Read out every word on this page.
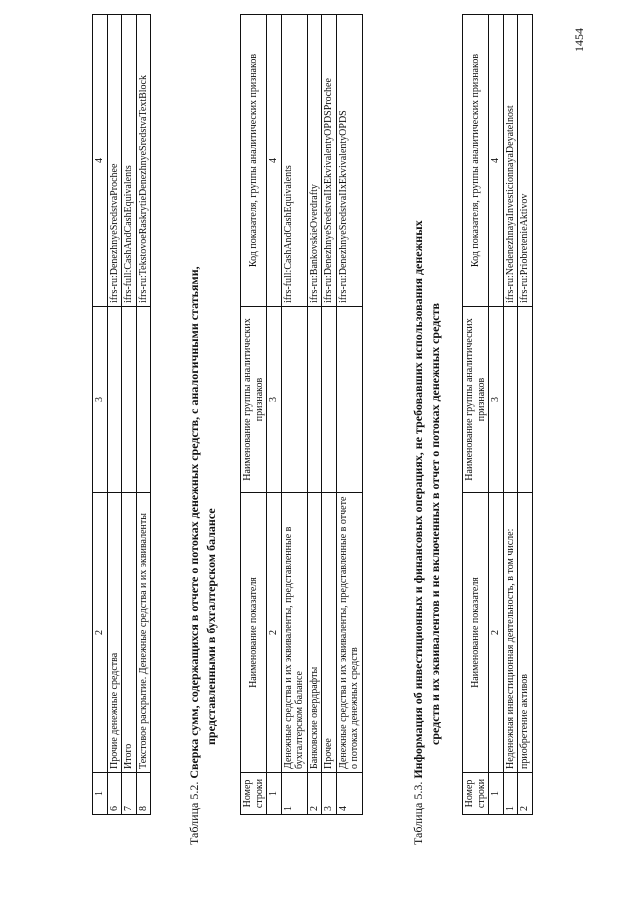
1	2	3	4
6	Прочие денежные средства		ifrs-ru:DenezhnyeSredstvaProchee
7	Итого		ifrs-full:CashAndCashEquivalents
8	Текстовое раскрытие. Денежные средства и их эквиваленты		ifrs-ru:TekstovoeRaskrytieDenezhnyeSredstvaTextBlock
Таблица 5.2. Сверка сумм, содержащихся в отчете о потоках денежных средств, с аналогичными статьями, представленными в бухгалтерском балансе
Номер строки	Наименование показателя	Наименование группы аналитических признаков	Код показателя, группы аналитических признаков
1	2	3	4
1	Денежные средства и их эквиваленты, представленные в бухгалтерском балансе		ifrs-full:CashAndCashEquivalents
2	Банковские овердрафты		ifrs-ru:BankovskieOverdrafty
3	Прочее		ifrs-ru:DenezhnyeSredstvaIIxEkvivalentyOPDSProchee
4	Денежные средства и их эквиваленты, представленные в отчете о потоках денежных средств		ifrs-ru:DenezhnyeSredstvaIIxEkvivalentyOPDS
Таблица 5.3. Информация об инвестиционных и финансовых операциях, не требовавших использования денежных средств и их эквивалентов и не включенных в отчет о потоках денежных средств
Номер строки	Наименование показателя	Наименование группы аналитических признаков	Код показателя, группы аналитических признаков
1	2	3	4
1	Неденежная инвестиционная деятельность, в том числе:		ifrs-ru:NedenezhnayaInvesticionnayaDeyatelnost
2	приобретение активов		ifrs-ru:PriobretenieAktivov
1454
